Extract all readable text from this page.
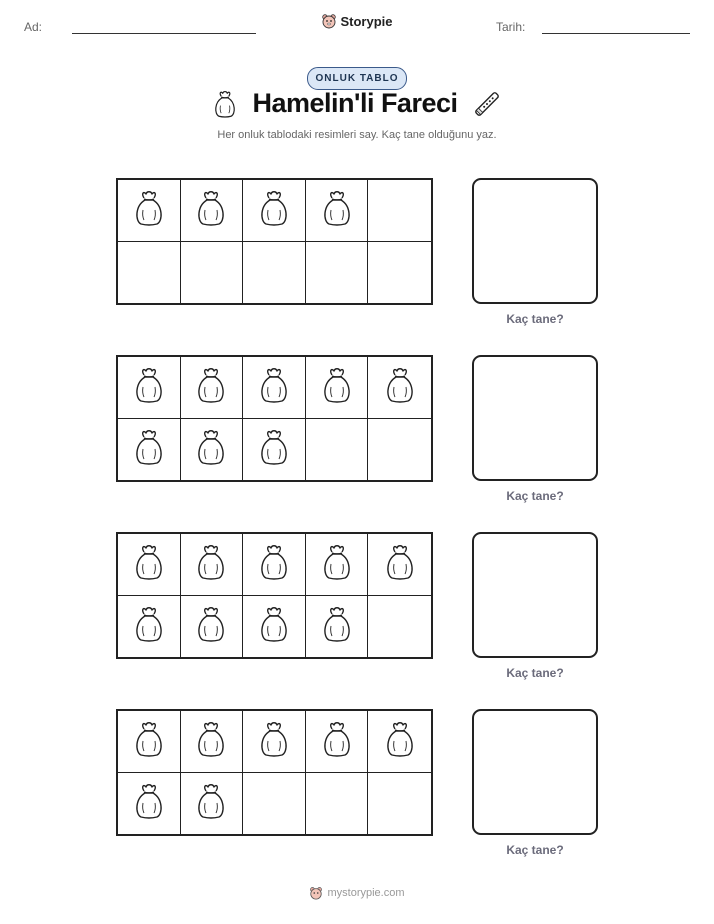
Ad:	Storypie	Tarih:
ONLUK TABLO
Hamelin'li Fareci
Her onluk tablodaki resimleri say. Kaç tane olduğunu yaz.
Kaç tane?
Kaç tane?
Kaç tane?
Kaç tane?
mystorypie.com
